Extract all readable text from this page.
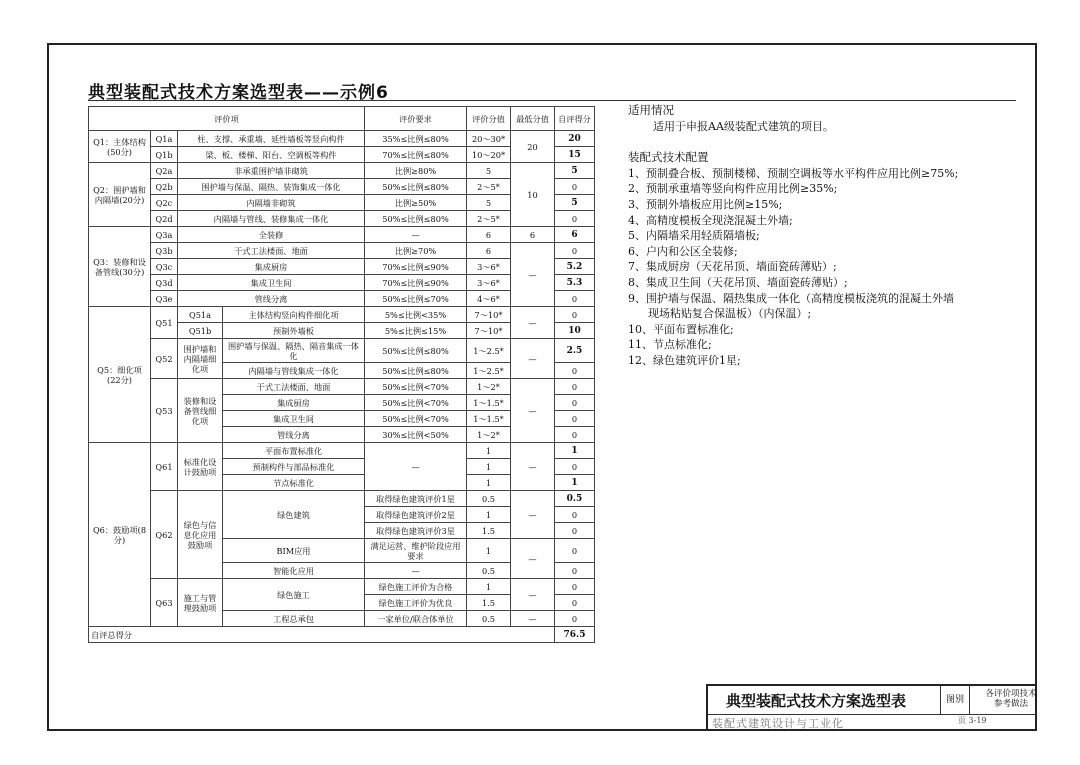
典型装配式技术方案选型表——示例6
评价项				评价要求	评价分值	最低分值	自评得分
Q1：主体结构(50分)	Q1a	柱、支撑、承重墙、延性墙板等竖向构件		35%≤比例≤80%	20～30*	20	20
	Q1b	梁、板、楼梯、阳台、空调板等构件		70%≤比例≤80%	10～20*		15
Q2：围护墙和内隔墙(20分)	Q2a	非承重围护墙非砌筑		比例≥80%	5	10	5
	Q2b	围护墙与保温、隔热、装饰集成一体化		50%≤比例≤80%	2～5*		0
	Q2c	内隔墙非砌筑		比例≥50%	5		5
	Q2d	内隔墙与管线、装修集成一体化		50%≤比例≤80%	2～5*		0
Q3：装修和设备管线(30分)	Q3a	全装修		—	6	6	6
	Q3b	干式工法楼面、地面		比例≥70%	6	—	0
	Q3c	集成厨房		70%≤比例≤90%	3～6*		5.2
	Q3d	集成卫生间		70%≤比例≤90%	3～6*		5.3
	Q3e	管线分离		50%≤比例≤70%	4～6*		0
Q5：细化项(22分)	Q51	Q51a	主体结构竖向构件细化项	5%≤比例<35%	7～10*	—	0
		Q51b	预制外墙板	5%≤比例≤15%	7～10*		10
	Q52	围护墙和内隔墙细化项	围护墙与保温、隔热、隔音集成一体化	50%≤比例≤80%	1～2.5*	—	2.5
			内隔墙与管线集成一体化	50%≤比例≤80%	1～2.5*		0
	Q53	装修和设备管线细化项	干式工法楼面、地面	50%≤比例<70%	1～2*	—	0
			集成厨房	50%≤比例<70%	1～1.5*		0
			集成卫生间	50%≤比例<70%	1～1.5*		0
			管线分离	30%≤比例<50%	1～2*		0
Q6：鼓励项(8分)	Q61	标准化设计鼓励项	平面布置标准化	—	1	—	1
			预制构件与部品标准化		1		0
			节点标准化		1		1
	Q62	绿色与信息化应用鼓励项	绿色建筑	取得绿色建筑评价1星	0.5	—	0.5
				取得绿色建筑评价2星	1		0
				取得绿色建筑评价3星	1.5		0
			BIM应用	满足运营、维护阶段应用要求	1	—	0
			智能化应用	—	0.5		0
	Q63	施工与管理鼓励项	绿色施工	绿色施工评价为合格	1	—	0
				绿色施工评价为优良	1.5		0
			工程总承包	一家单位/联合体单位	0.5	—	0
自评总得分							76.5
适用情况
适用于申报AA级装配式建筑的项目。
装配式技术配置
1、预制叠合板、预制楼梯、预制空调板等水平构件应用比例≥75%;
2、预制承重墙等竖向构件应用比例≥35%;
3、预制外墙板应用比例≥15%;
4、高精度模板全现浇混凝土外墙;
5、内隔墙采用轻质隔墙板;
6、户内和公区全装修;
7、集成厨房（天花吊顶、墙面瓷砖薄贴）;
8、集成卫生间（天花吊顶、墙面瓷砖薄贴）;
9、围护墙与保温、隔热集成一体化（高精度模板浇筑的混凝土外墙
现场粘贴复合保温板）（内保温）;
10、平面布置标准化;
11、节点标准化;
12、绿色建筑评价1星;
典型装配式技术方案选型表	图别
各评价项技术参考做法
装配式建筑设计与工业化	页 3-19
